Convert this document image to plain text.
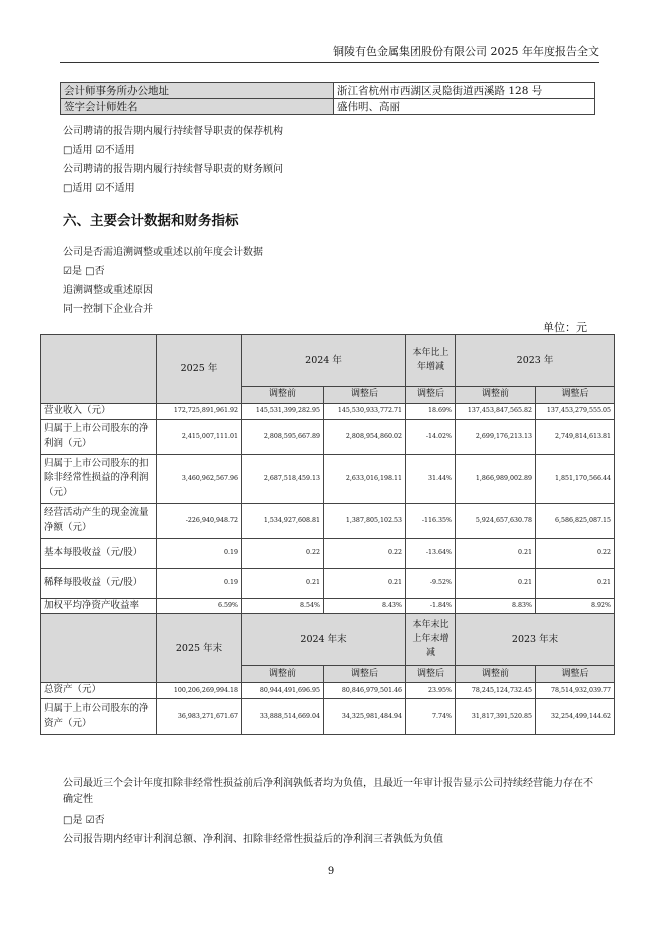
铜陵有色金属集团股份有限公司 2025 年年度报告全文
会计师事务所办公地址	浙江省杭州市西湖区灵隐街道西溪路 128 号
签字会计师姓名	盛伟明、高丽
公司聘请的报告期内履行持续督导职责的保荐机构
□适用 ☑不适用
公司聘请的报告期内履行持续督导职责的财务顾问
□适用 ☑不适用
六、主要会计数据和财务指标
公司是否需追溯调整或重述以前年度会计数据
☑是 □否
追溯调整或重述原因
同一控制下企业合并
单位：元
	2025 年	2024 年		本年比上年增减	2023 年	
		调整前	调整后	调整后	调整前	调整后
营业收入（元）	172,725,891,961.92	145,531,399,282.95	145,530,933,772.71	18.69%	137,453,847,565.82	137,453,279,555.05
归属于上市公司股东的净利润（元）	2,415,007,111.01	2,808,595,667.89	2,808,954,860.02	-14.02%	2,699,176,213.13	2,749,814,613.81
归属于上市公司股东的扣除非经常性损益的净利润（元）	3,460,962,567.96	2,687,518,459.13	2,633,016,198.11	31.44%	1,866,989,002.89	1,851,170,566.44
经营活动产生的现金流量净额（元）	-226,940,948.72	1,534,927,608.81	1,387,805,102.53	-116.35%	5,924,657,630.78	6,586,825,087.15
基本每股收益（元/股）	0.19	0.22	0.22	-13.64%	0.21	0.22
稀释每股收益（元/股）	0.19	0.21	0.21	-9.52%	0.21	0.21
加权平均净资产收益率	6.59%	8.54%	8.43%	-1.84%	8.83%	8.92%
	2025 年末	2024 年末		本年末比上年末增减	2023 年末	
		调整前	调整后	调整后	调整前	调整后
总资产（元）	100,206,269,994.18	80,944,491,696.95	80,846,979,501.46	23.95%	78,245,124,732.45	78,514,932,039.77
归属于上市公司股东的净资产（元）	36,983,271,671.67	33,888,514,669.04	34,325,981,484.94	7.74%	31,817,391,520.85	32,254,499,144.62
公司最近三个会计年度扣除非经常性损益前后净利润孰低者均为负值，且最近一年审计报告显示公司持续经营能力存在不确定性
□是 ☑否
公司报告期内经审计利润总额、净利润、扣除非经常性损益后的净利润三者孰低为负值
9
